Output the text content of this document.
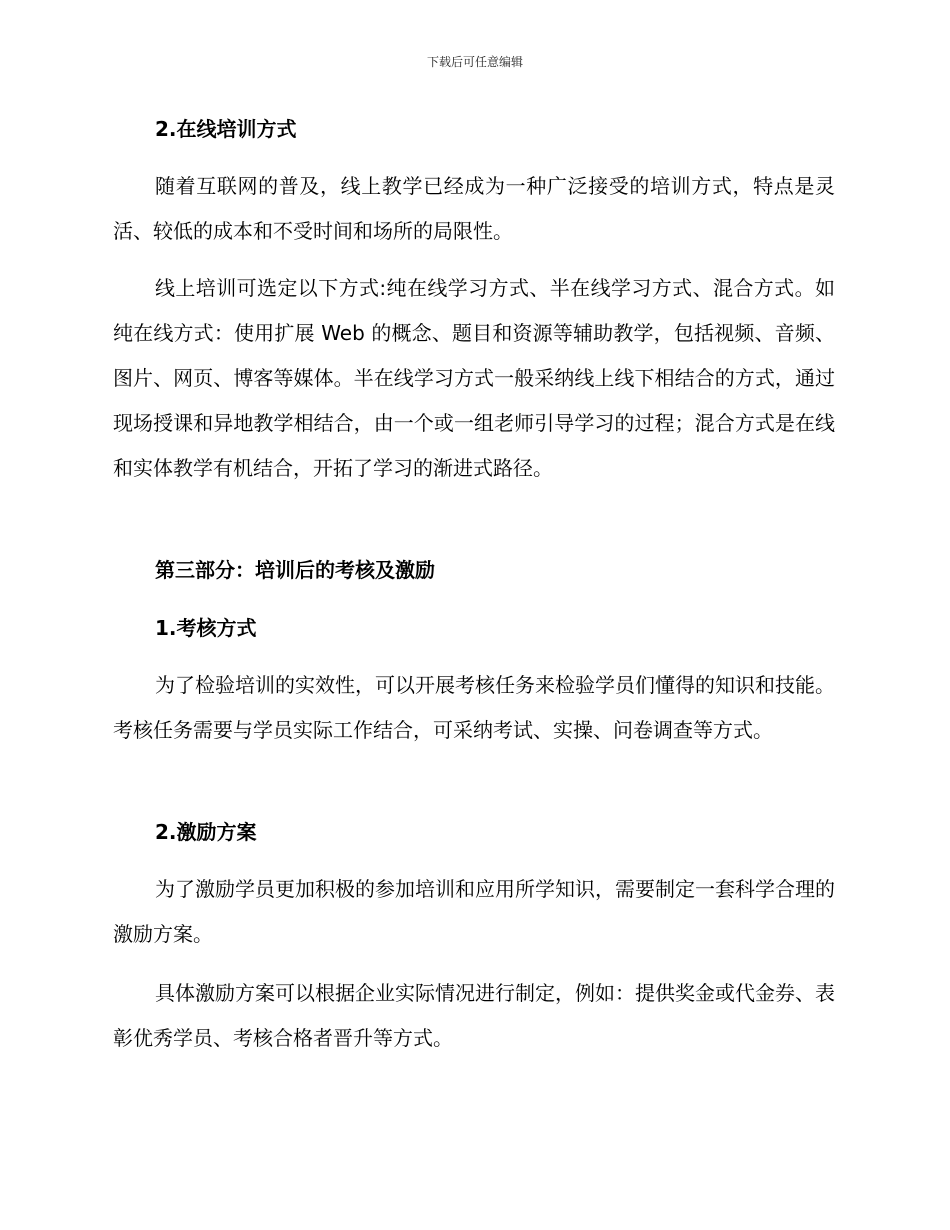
下载后可任意编辑
2.在线培训方式

随着互联网的普及，线上教学已经成为一种广泛接受的培训方式，特点是灵活、较低的成本和不受时间和场所的局限性。

线上培训可选定以下方式:纯在线学习方式、半在线学习方式、混合方式。如纯在线方式：使用扩展 Web 的概念、题目和资源等辅助教学，包括视频、音频、图片、网页、博客等媒体。半在线学习方式一般采纳线上线下相结合的方式，通过现场授课和异地教学相结合，由一个或一组老师引导学习的过程；混合方式是在线和实体教学有机结合，开拓了学习的渐进式路径。

第三部分：培训后的考核及激励
1.考核方式

为了检验培训的实效性，可以开展考核任务来检验学员们懂得的知识和技能。考核任务需要与学员实际工作结合，可采纳考试、实操、问卷调查等方式。

2.激励方案

为了激励学员更加积极的参加培训和应用所学知识，需要制定一套科学合理的激励方案。

具体激励方案可以根据企业实际情况进行制定，例如：提供奖金或代金券、表彰优秀学员、考核合格者晋升等方式。
